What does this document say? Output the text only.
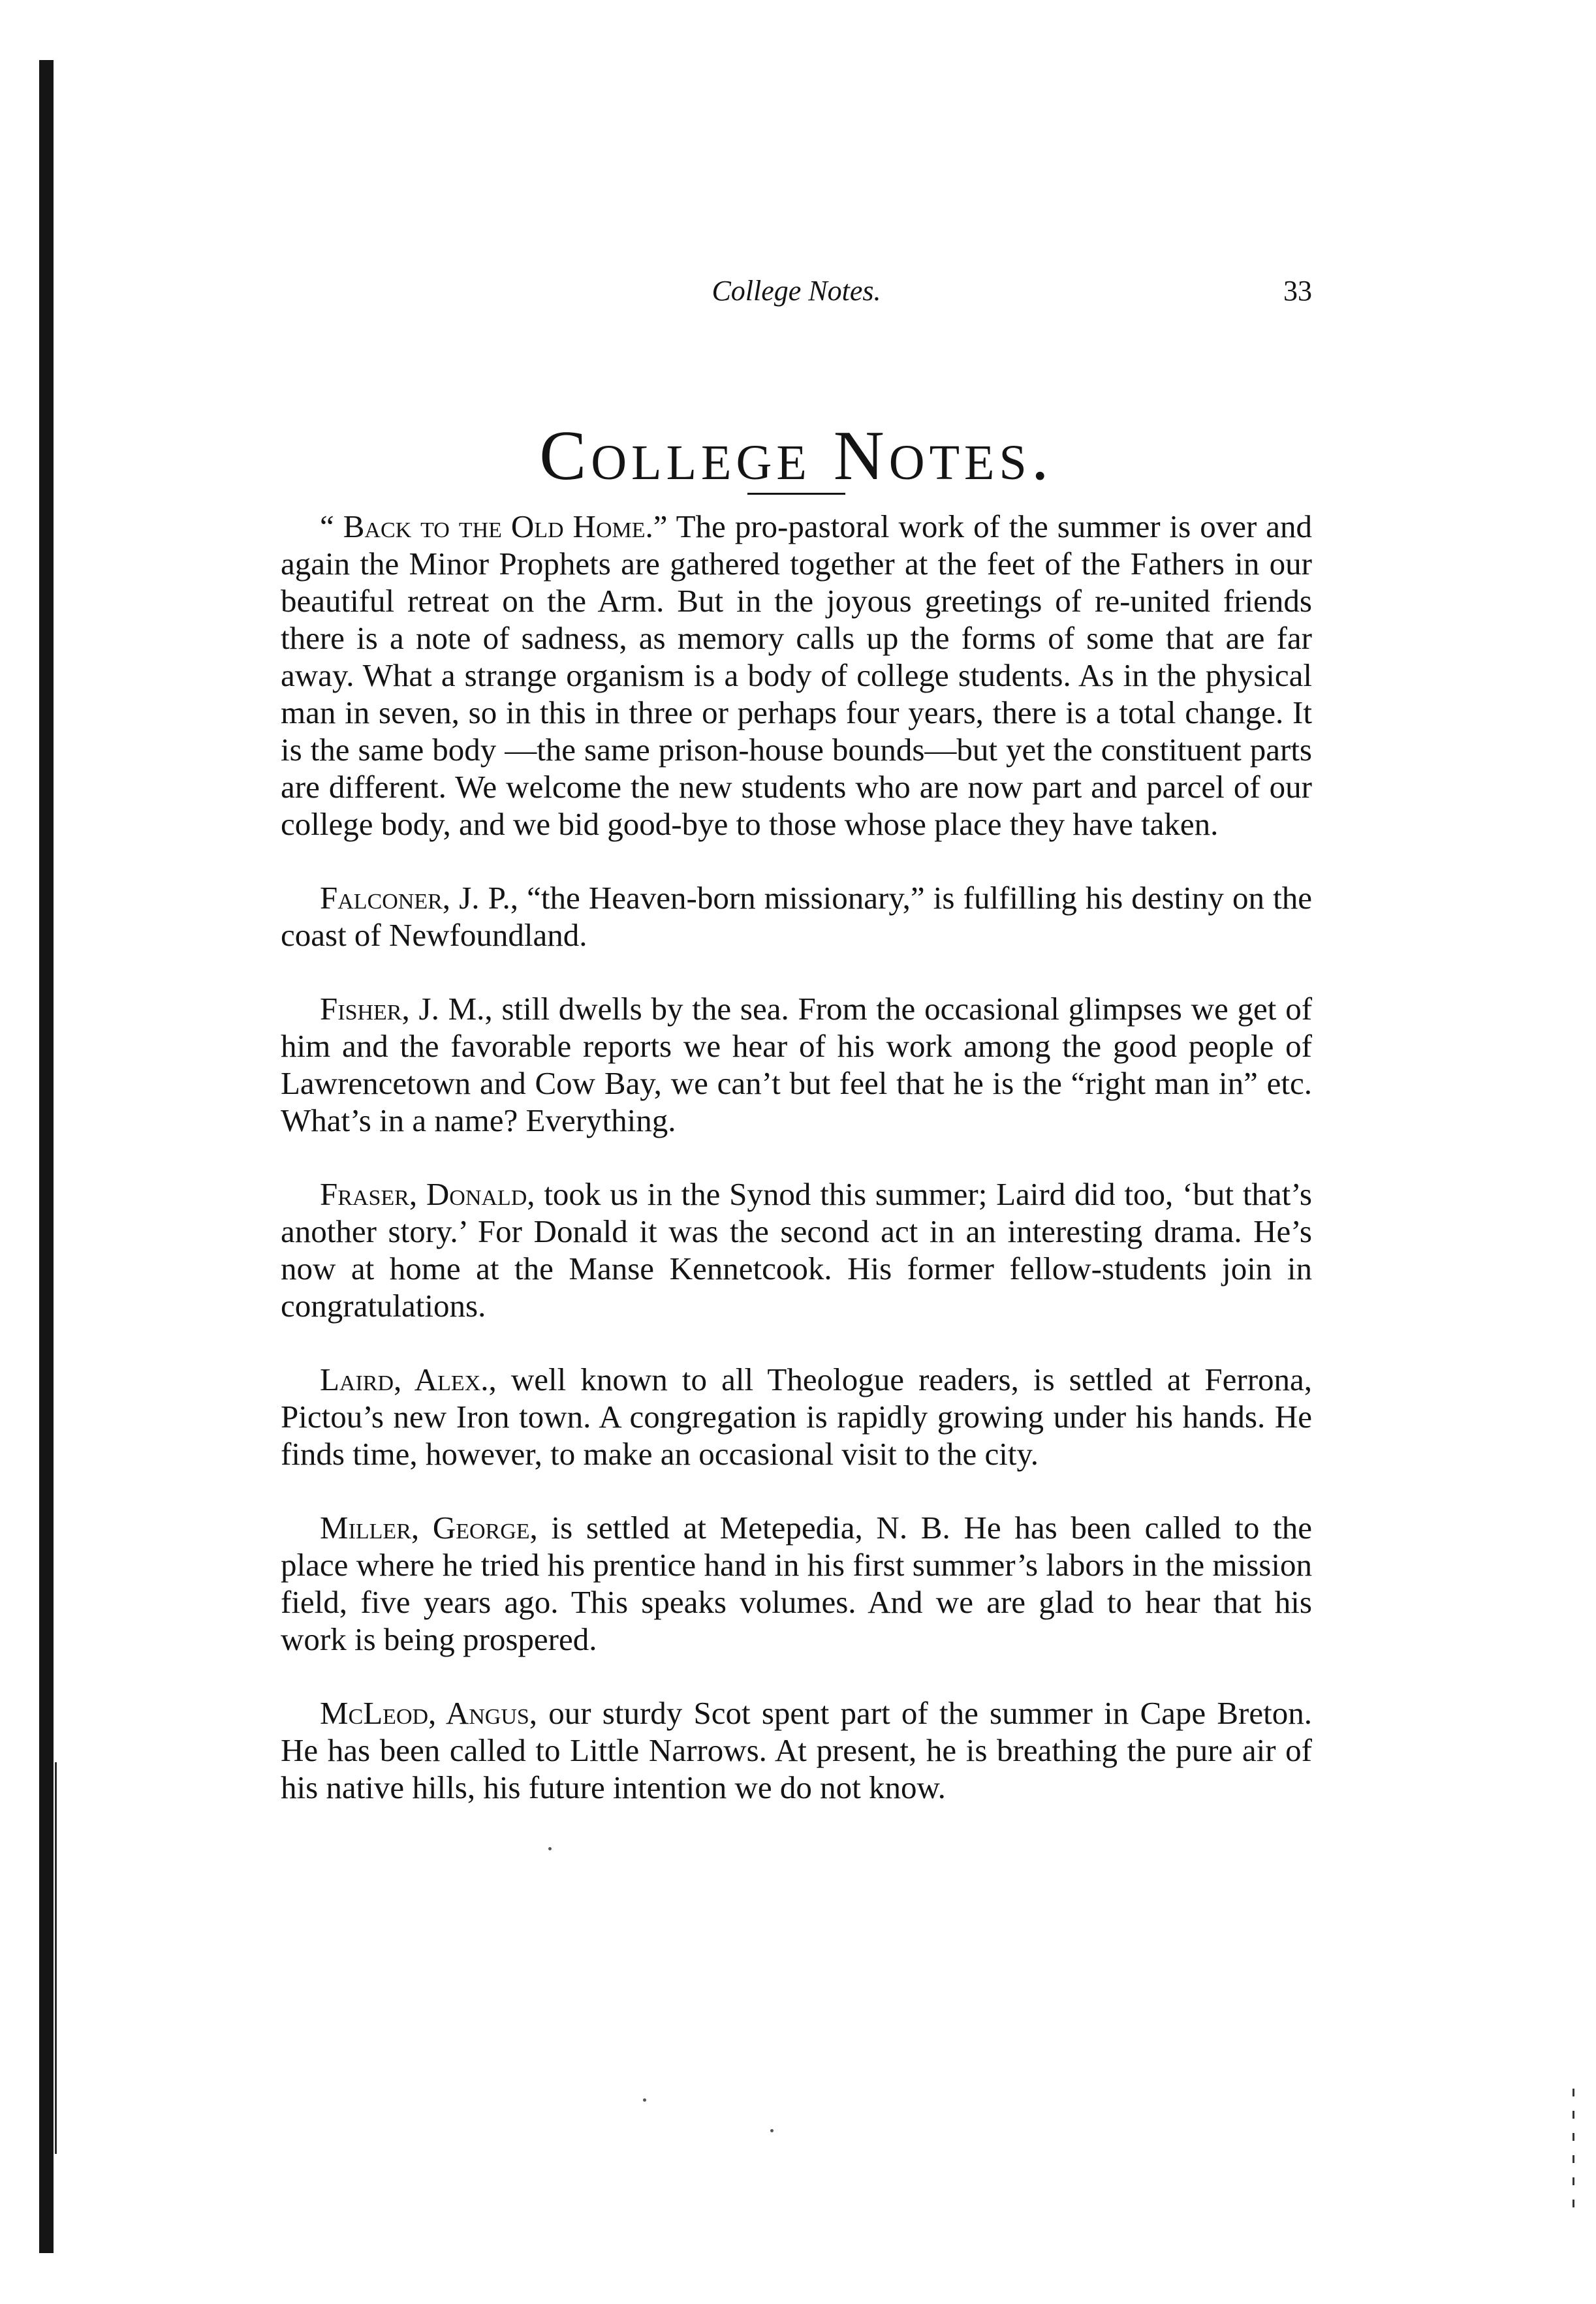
College Notes.	33
College Notes.

“ Back to the Old Home.” The pro-pastoral work of the summer is over and again the Minor Prophets are gathered together at the feet of the Fathers in our beautiful retreat on the Arm. But in the joyous greetings of re-united friends there is a note of sadness, as memory calls up the forms of some that are far away. What a strange organism is a body of college students. As in the physical man in seven, so in this in three or perhaps four years, there is a total change. It is the same body —the same prison-house bounds—but yet the constituent parts are different. We welcome the new students who are now part and parcel of our college body, and we bid good-bye to those whose place they have taken.

Falconer, J. P., “the Heaven-born missionary,” is fulfilling his destiny on the coast of Newfoundland.

Fisher, J. M., still dwells by the sea. From the occasional glimpses we get of him and the favorable reports we hear of his work among the good people of Lawrencetown and Cow Bay, we can’t but feel that he is the “right man in” etc. What’s in a name? Everything.

Fraser, Donald, took us in the Synod this summer; Laird did too, ‘but that’s another story.’ For Donald it was the second act in an interesting drama. He’s now at home at the Manse Kennetcook. His former fellow-students join in congratulations.

Laird, Alex., well known to all Theologue readers, is settled at Ferrona, Pictou’s new Iron town. A congregation is rapidly growing under his hands. He finds time, however, to make an occasional visit to the city.

Miller, George, is settled at Metepedia, N. B. He has been called to the place where he tried his prentice hand in his first summer’s labors in the mission field, five years ago. This speaks volumes. And we are glad to hear that his work is being prospered.

McLeod, Angus, our sturdy Scot spent part of the summer in Cape Breton. He has been called to Little Narrows. At present, he is breathing the pure air of his native hills, his future intention we do not know.
